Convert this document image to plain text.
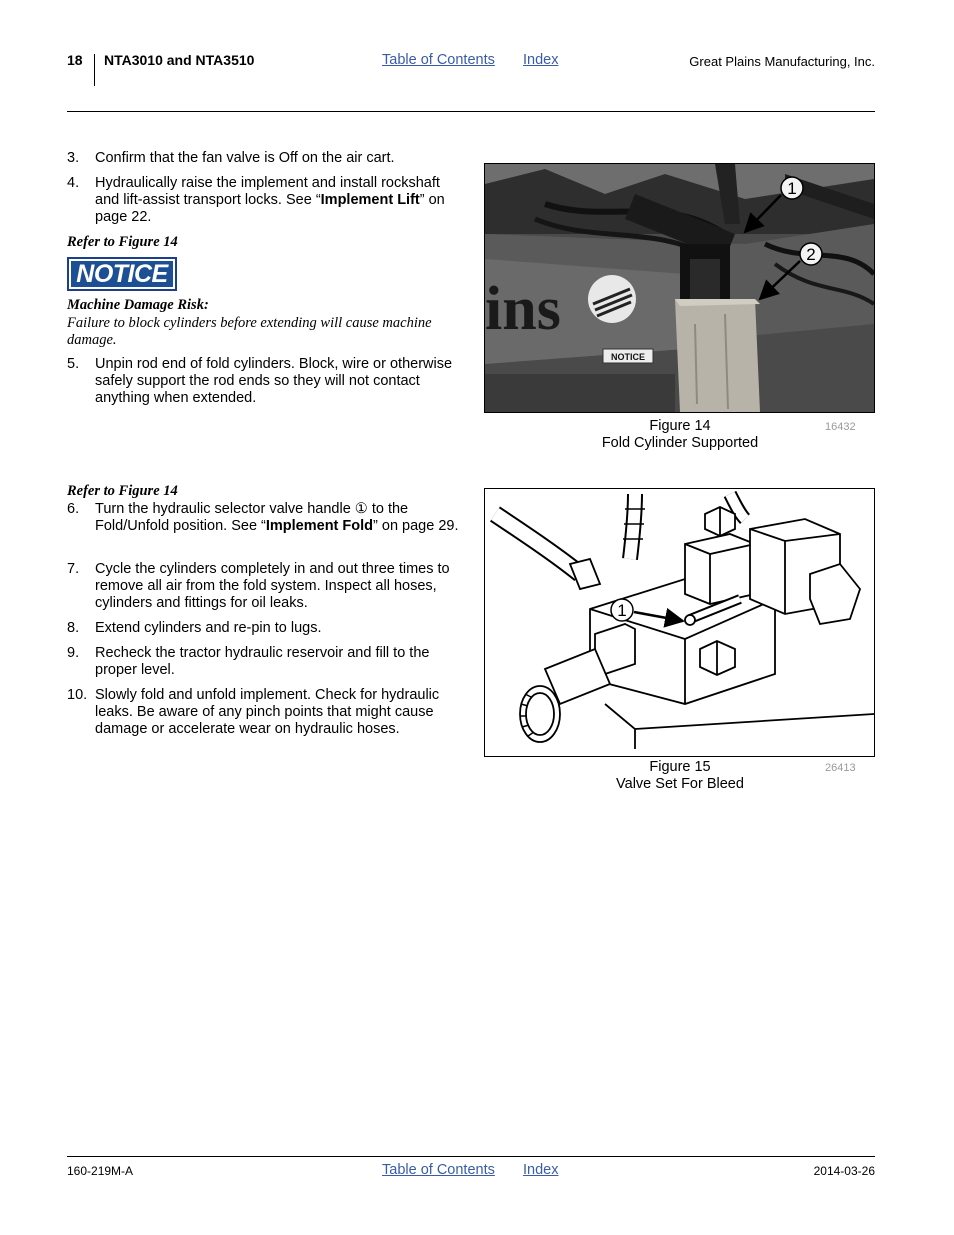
18 NTA3010 and NTA3510	Table of Contents Index	Great Plains Manufacturing, Inc.
3. Confirm that the fan valve is Off on the air cart.
4. Hydraulically raise the implement and install rockshaft and lift-assist transport locks. See “Implement Lift” on page 22.
Refer to Figure 14
NOTICE
Machine Damage Risk:
Failure to block cylinders before extending will cause machine damage.
5. Unpin rod end of fold cylinders. Block, wire or otherwise safely support the rod ends so they will not contact anything when extended.
Refer to Figure 14
6. Turn the hydraulic selector valve handle ① to the Fold/Unfold position. See “Implement Fold” on page 29.
7. Cycle the cylinders completely in and out three times to remove all air from the fold system. Inspect all hoses, cylinders and fittings for oil leaks.
8. Extend cylinders and re-pin to lugs.
9. Recheck the tractor hydraulic reservoir and fill to the proper level.
10. Slowly fold and unfold implement. Check for hydraulic leaks. Be aware of any pinch points that might cause damage or accelerate wear on hydraulic hoses.
ins
NOTICE
1
2
Figure 14
Fold Cylinder Supported
16432
1
Figure 15
Valve Set For Bleed
26413
160-219M-A	Table of Contents Index	2014-03-26
